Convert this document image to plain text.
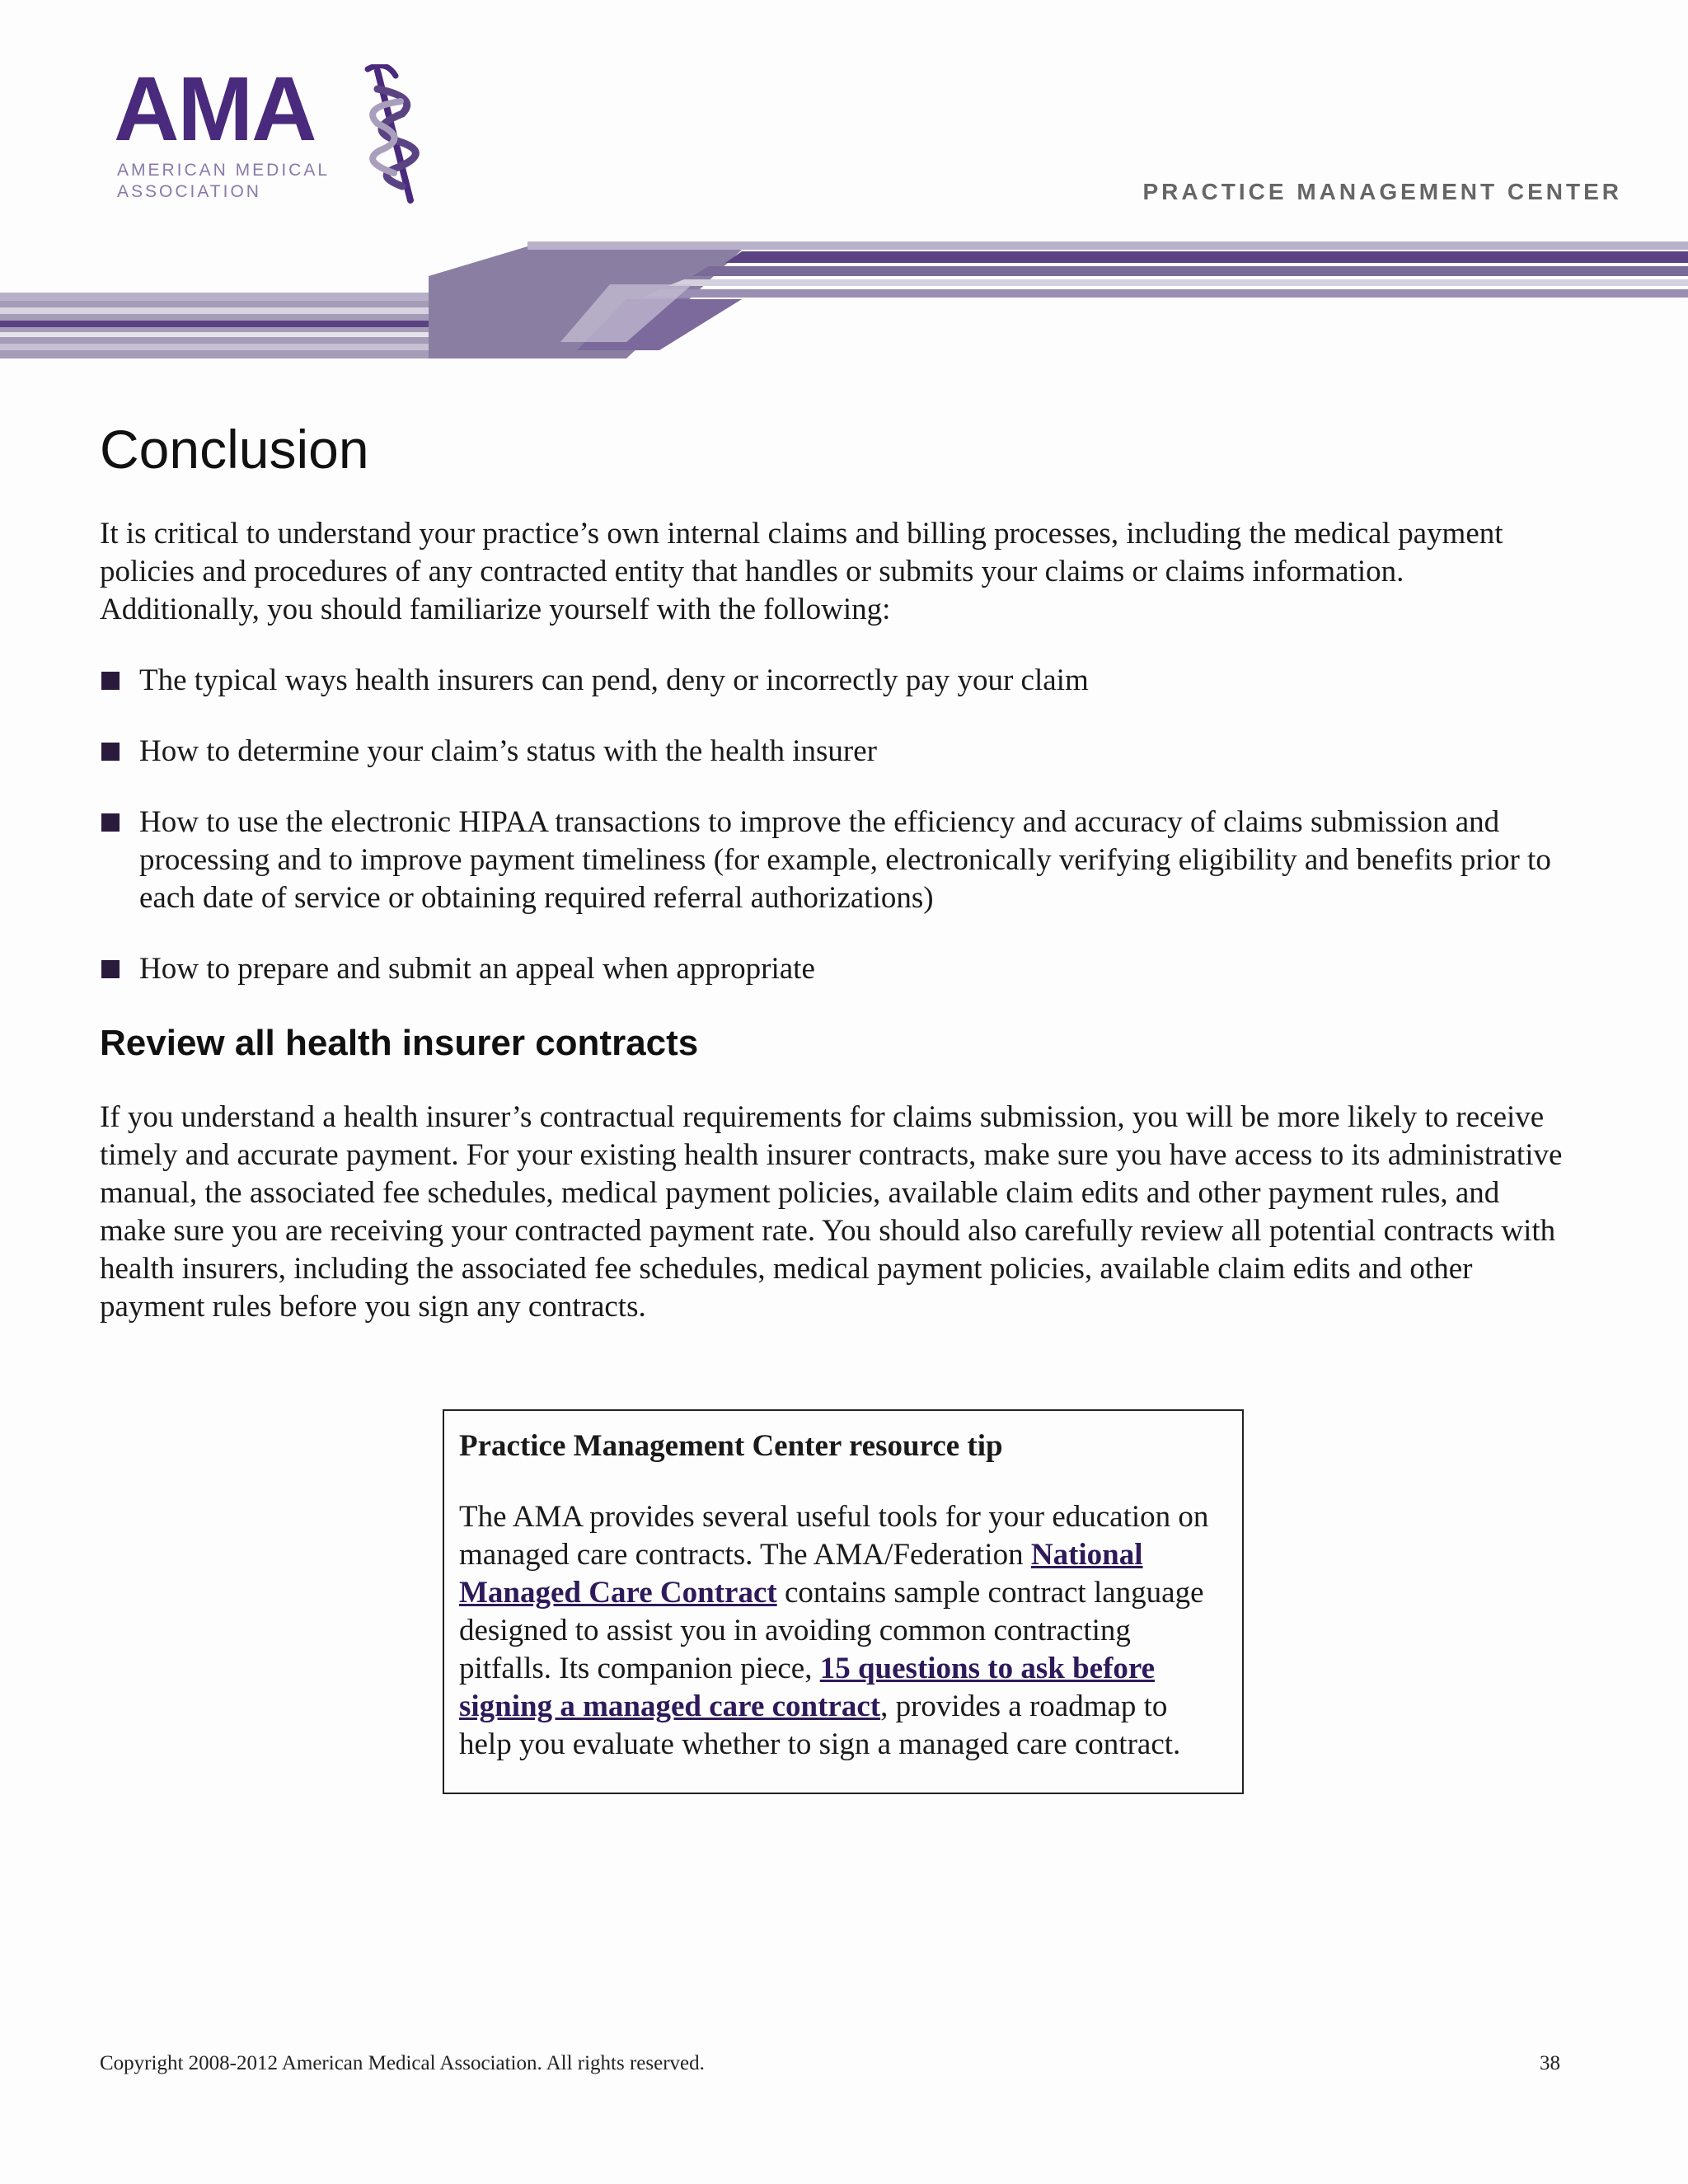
AMA
AMERICAN MEDICAL
ASSOCIATION	PRACTICE MANAGEMENT CENTER
Conclusion

It is critical to understand your practice’s own internal claims and billing processes, including the medical payment policies and procedures of any contracted entity that handles or submits your claims or claims information. Additionally, you should familiarize yourself with the following:

The typical ways health insurers can pend, deny or incorrectly pay your claim
How to determine your claim’s status with the health insurer
How to use the electronic HIPAA transactions to improve the efficiency and accuracy of claims submission and processing and to improve payment timeliness (for example, electronically verifying eligibility and benefits prior to each date of service or obtaining required referral authorizations)
How to prepare and submit an appeal when appropriate
Review all health insurer contracts

If you understand a health insurer’s contractual requirements for claims submission, you will be more likely to receive timely and accurate payment. For your existing health insurer contracts, make sure you have access to its administrative manual, the associated fee schedules, medical payment policies, available claim edits and other payment rules, and make sure you are receiving your contracted payment rate. You should also carefully review all potential contracts with health insurers, including the associated fee schedules, medical payment policies, available claim edits and other payment rules before you sign any contracts.

Practice Management Center resource tip

The AMA provides several useful tools for your education on managed care contracts. The AMA/Federation National Managed Care Contract contains sample contract language designed to assist you in avoiding common contracting pitfalls. Its companion piece, 15 questions to ask before signing a managed care contract, provides a roadmap to help you evaluate whether to sign a managed care contract.

Copyright 2008-2012 American Medical Association. All rights reserved.	38
